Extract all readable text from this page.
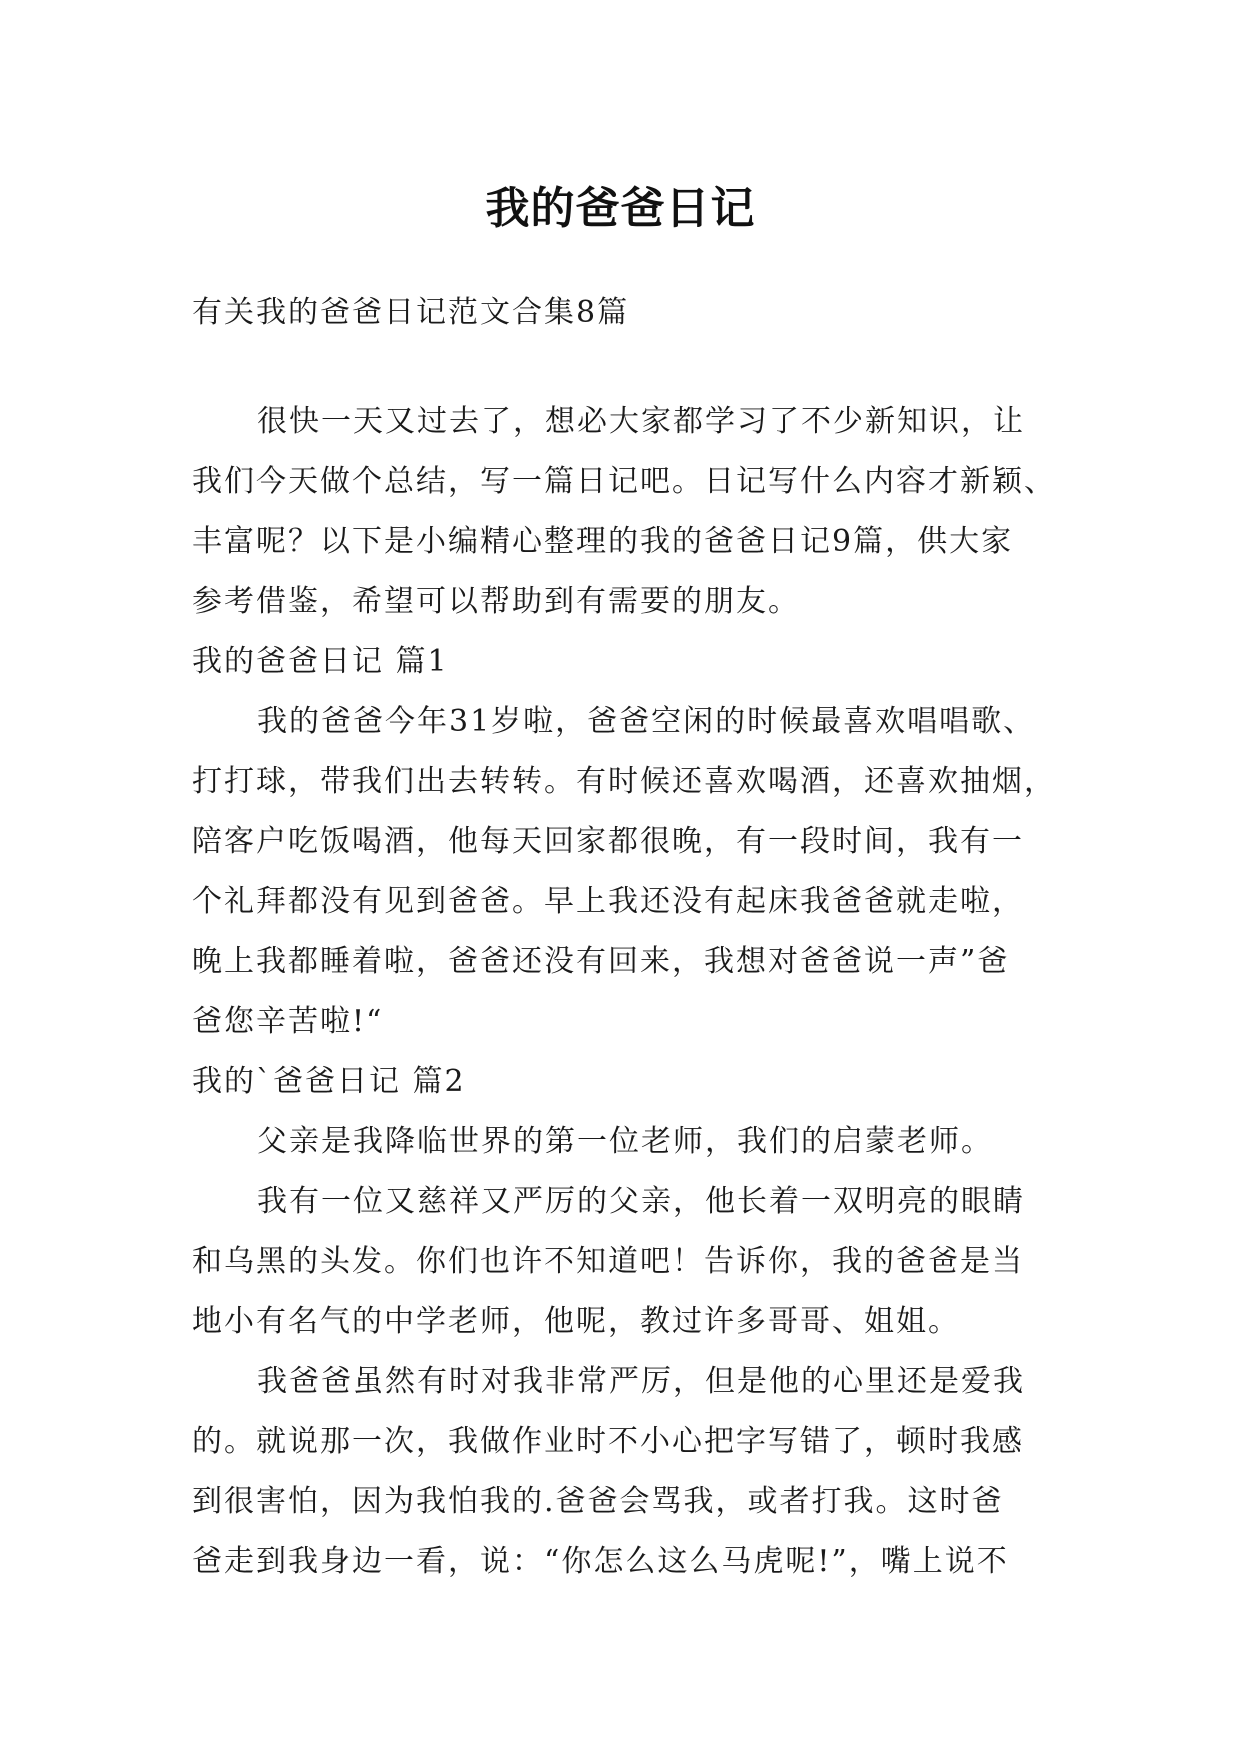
我的爸爸日记

有关我的爸爸日记范文合集8篇

很快一天又过去了，想必大家都学习了不少新知识，让

我们今天做个总结，写一篇日记吧。日记写什么内容才新颖、

丰富呢？以下是小编精心整理的我的爸爸日记9篇，供大家

参考借鉴，希望可以帮助到有需要的朋友。

我的爸爸日记 篇1

我的爸爸今年31岁啦，爸爸空闲的时候最喜欢唱唱歌、

打打球，带我们出去转转。有时候还喜欢喝酒，还喜欢抽烟，

陪客户吃饭喝酒，他每天回家都很晚，有一段时间，我有一

个礼拜都没有见到爸爸。早上我还没有起床我爸爸就走啦，

晚上我都睡着啦，爸爸还没有回来，我想对爸爸说一声”爸

爸您辛苦啦!“

我的`爸爸日记 篇2

父亲是我降临世界的第一位老师，我们的启蒙老师。

我有一位又慈祥又严厉的父亲，他长着一双明亮的眼睛

和乌黑的头发。你们也许不知道吧！告诉你，我的爸爸是当

地小有名气的中学老师，他呢，教过许多哥哥、姐姐。

我爸爸虽然有时对我非常严厉，但是他的心里还是爱我

的。就说那一次，我做作业时不小心把字写错了，顿时我感

到很害怕，因为我怕我的.爸爸会骂我，或者打我。这时爸

爸走到我身边一看，说：“你怎么这么马虎呢!”，嘴上说不
